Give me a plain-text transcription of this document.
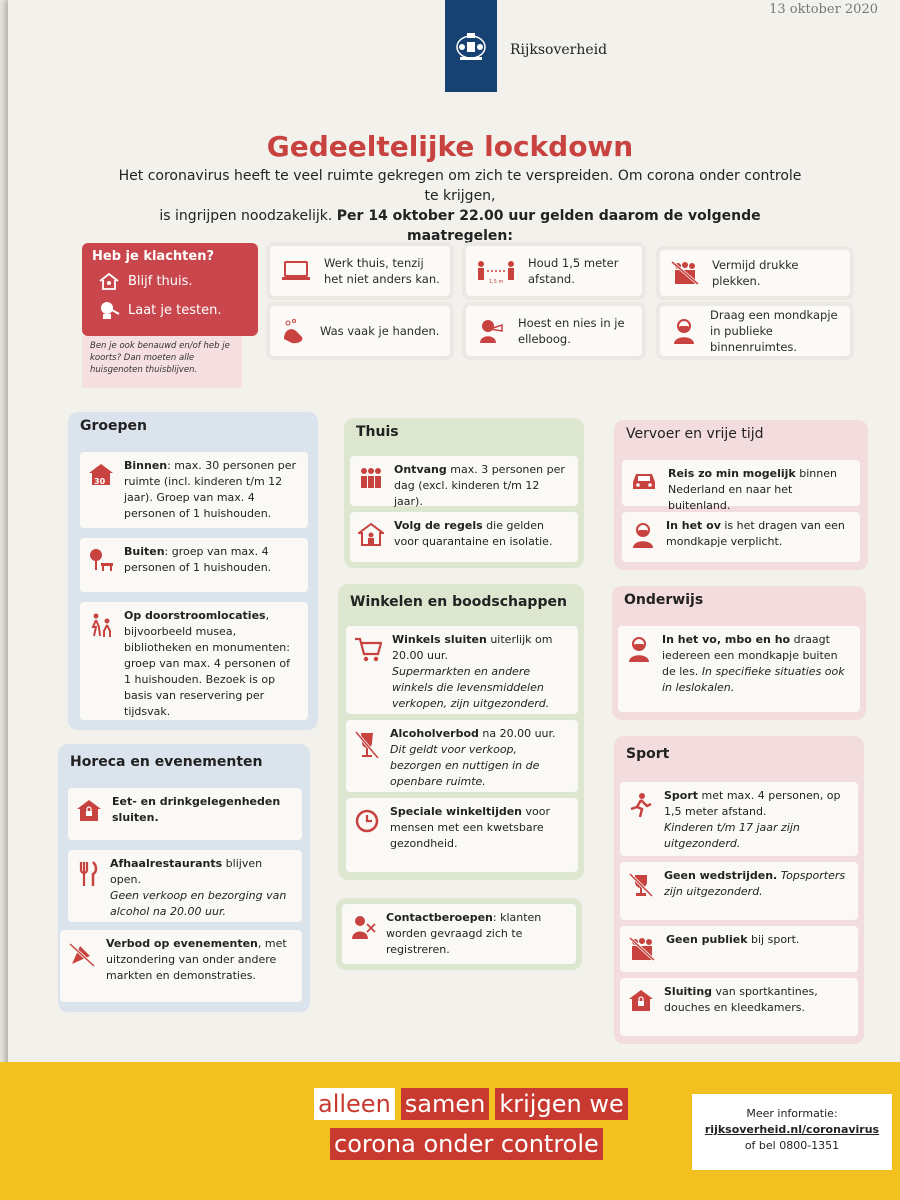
13 oktober 2020
Rijksoverheid
Gedeeltelijke lockdown
Het coronavirus heeft te veel ruimte gekregen om zich te verspreiden. Om corona onder controle te krijgen,
is ingrijpen noodzakelijk. Per 14 oktober 22.00 uur gelden daarom de volgende maatregelen:
Heb je klachten?
Blijf thuis.
Laat je testen.
Ben je ook benauwd en/of heb je koorts? Dan moeten alle huisgenoten thuisblijven.
Werk thuis, tenzij het niet anders kan.	1,5 m
Houd 1,5 meter afstand.
Vermijd drukke plekken.
Was vaak je handen.
Hoest en nies in je elleboog.
Draag een mondkapje in publieke binnenruimtes.
Groepen
30
Binnen: max. 30 personen per ruimte (incl. kinderen t/m 12 jaar). Groep van max. 4 personen of 1 huishouden.
Buiten: groep van max. 4 personen of 1 huishouden.
Op doorstroomlocaties, bijvoorbeeld musea, bibliotheken en monumenten: groep van max. 4 personen of 1 huishouden. Bezoek is op basis van reservering per tijdsvak.
Horeca en evenementen
Eet- en drinkgelegenheden sluiten.
Afhaalrestaurants blijven open.
Geen verkoop en bezorging van alcohol na 20.00 uur.
Verbod op evenementen, met uitzondering van onder andere markten en demonstraties.
Thuis
Ontvang max. 3 personen per dag (excl. kinderen t/m 12 jaar).
Volg de regels die gelden voor quarantaine en isolatie.
Winkelen en boodschappen
Winkels sluiten uiterlijk om 20.00 uur.
Supermarkten en andere winkels die levensmiddelen verkopen, zijn uitgezonderd.
Alcoholverbod na 20.00 uur.
Dit geldt voor verkoop, bezorgen en nuttigen in de openbare ruimte.
Speciale winkeltijden voor mensen met een kwetsbare gezondheid.
Contactberoepen: klanten worden gevraagd zich te registreren.
Vervoer en vrije tijd
Reis zo min mogelijk binnen Nederland en naar het buitenland.
In het ov is het dragen van een mondkapje verplicht.
Onderwijs
In het vo, mbo en ho draagt iedereen een mondkapje buiten de les. In specifieke situaties ook in leslokalen.
Sport
Sport met max. 4 personen, op 1,5 meter afstand.
Kinderen t/m 17 jaar zijn uitgezonderd.
Geen wedstrijden. Topsporters zijn uitgezonderd.
Geen publiek bij sport.
Sluiting van sportkantines, douches en kleedkamers.
alleen samen krijgen we
corona onder controle
Meer informatie:
rijksoverheid.nl/coronavirus
of bel 0800-1351
